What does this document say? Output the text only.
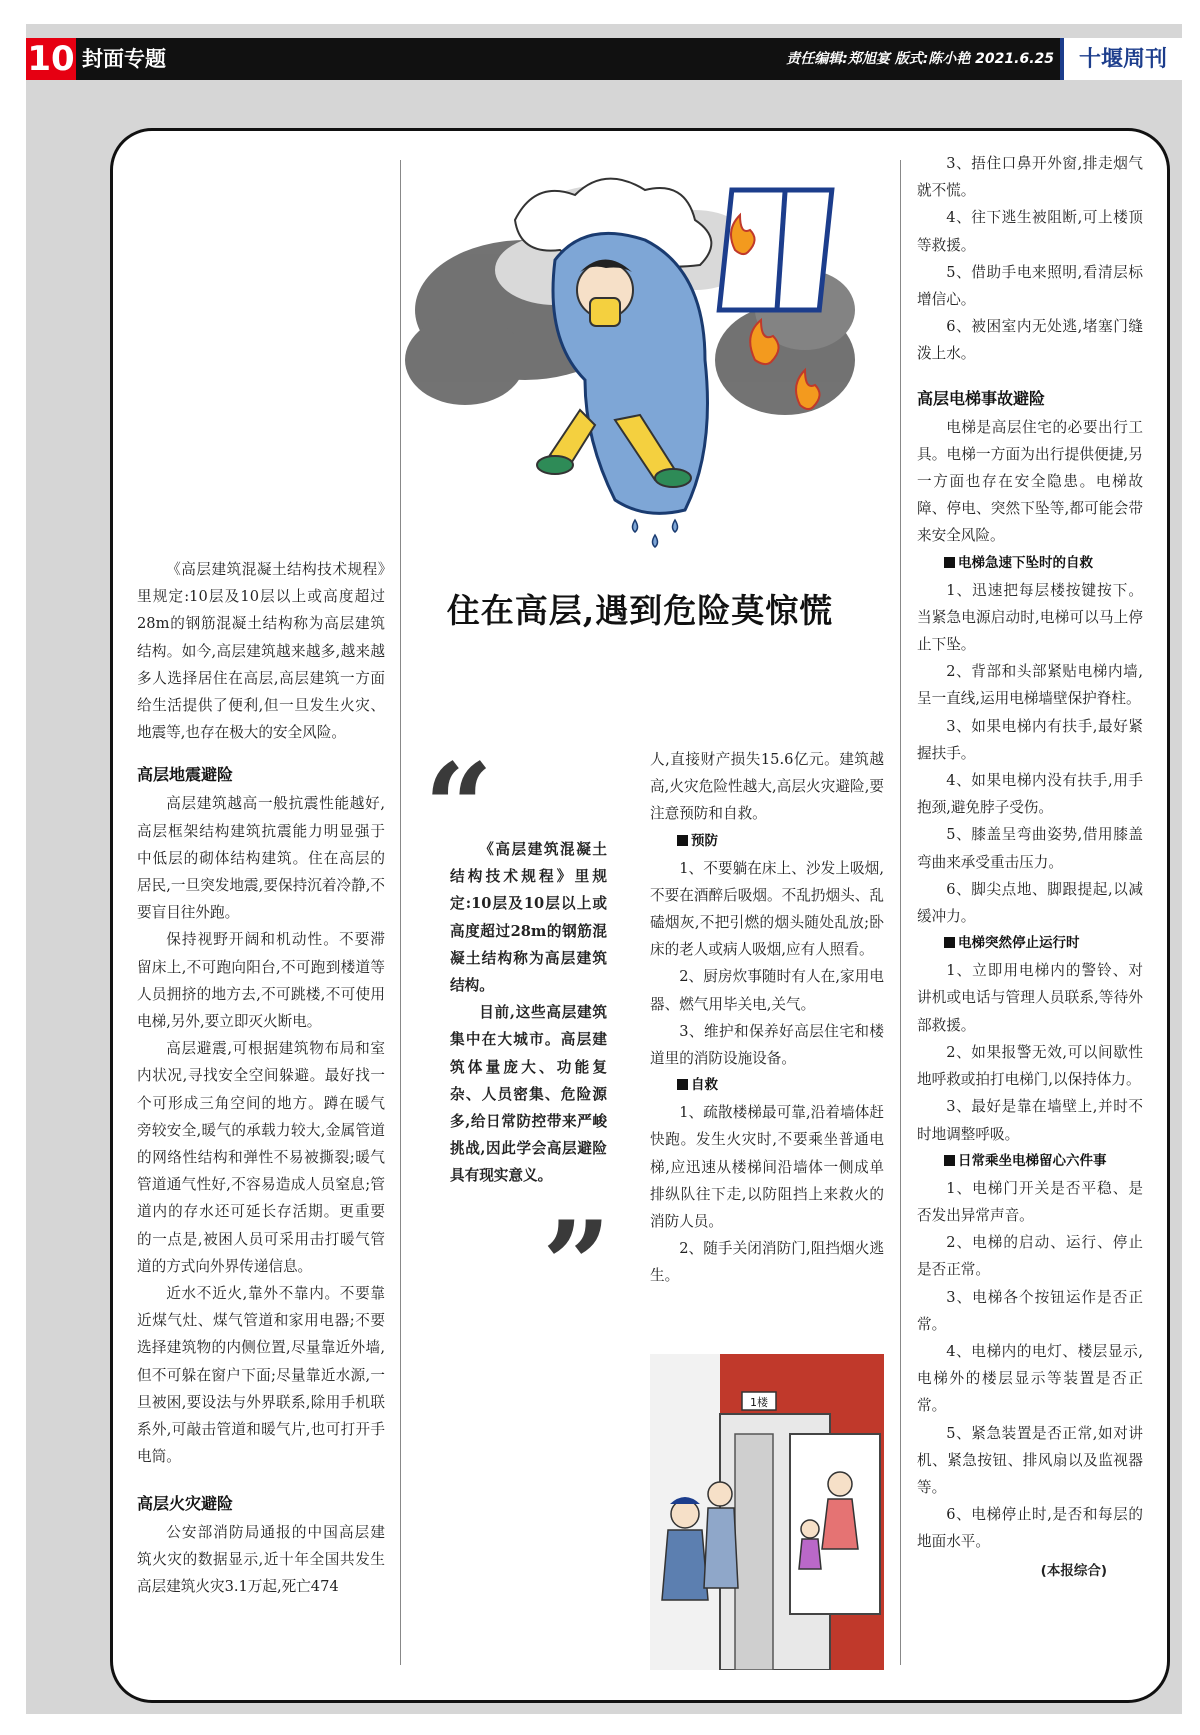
10 封面专题	责任编辑:郑旭宴 版式:陈小艳 2021.6.25	十堰周刊
住在高层,遇到危险莫惊慌

《高层建筑混凝土结构技术规程》里规定:10层及10层以上或高度超过28m的钢筋混凝土结构称为高层建筑结构。如今,高层建筑越来越多,越来越多人选择居住在高层,高层建筑一方面给生活提供了便利,但一旦发生火灾、地震等,也存在极大的安全风险。

高层地震避险

高层建筑越高一般抗震性能越好,高层框架结构建筑抗震能力明显强于中低层的砌体结构建筑。住在高层的居民,一旦突发地震,要保持沉着冷静,不要盲目往外跑。

保持视野开阔和机动性。不要滞留床上,不可跑向阳台,不可跑到楼道等人员拥挤的地方去,不可跳楼,不可使用电梯,另外,要立即灭火断电。

高层避震,可根据建筑物布局和室内状况,寻找安全空间躲避。最好找一个可形成三角空间的地方。蹲在暖气旁较安全,暖气的承载力较大,金属管道的网络性结构和弹性不易被撕裂;暖气管道通气性好,不容易造成人员窒息;管道内的存水还可延长存活期。更重要的一点是,被困人员可采用击打暖气管道的方式向外界传递信息。

近水不近火,靠外不靠内。不要靠近煤气灶、煤气管道和家用电器;不要选择建筑物的内侧位置,尽量靠近外墙,但不可躲在窗户下面;尽量靠近水源,一旦被困,要设法与外界联系,除用手机联系外,可敲击管道和暖气片,也可打开手电筒。

高层火灾避险

公安部消防局通报的中国高层建筑火灾的数据显示,近十年全国共发生高层建筑火灾3.1万起,死亡474

“

《高层建筑混凝土结构技术规程》里规定:10层及10层以上或高度超过28m的钢筋混凝土结构称为高层建筑结构。

目前,这些高层建筑集中在大城市。高层建筑体量庞大、功能复杂、人员密集、危险源多,给日常防控带来严峻挑战,因此学会高层避险具有现实意义。

”

人,直接财产损失15.6亿元。建筑越高,火灾危险性越大,高层火灾避险,要注意预防和自救。

预防

1、不要躺在床上、沙发上吸烟,不要在酒醉后吸烟。不乱扔烟头、乱磕烟灰,不把引燃的烟头随处乱放;卧床的老人或病人吸烟,应有人照看。

2、厨房炊事随时有人在,家用电器、燃气用毕关电,关气。

3、维护和保养好高层住宅和楼道里的消防设施设备。

自救

1、疏散楼梯最可靠,沿着墙体赶快跑。发生火灾时,不要乘坐普通电梯,应迅速从楼梯间沿墙体一侧成单排纵队往下走,以防阻挡上来救火的消防人员。

2、随手关闭消防门,阻挡烟火逃生。

1楼

3、捂住口鼻开外窗,排走烟气就不慌。

4、往下逃生被阻断,可上楼顶等救援。

5、借助手电来照明,看清层标增信心。

6、被困室内无处逃,堵塞门缝泼上水。

高层电梯事故避险

电梯是高层住宅的必要出行工具。电梯一方面为出行提供便捷,另一方面也存在安全隐患。电梯故障、停电、突然下坠等,都可能会带来安全风险。

电梯急速下坠时的自救

1、迅速把每层楼按键按下。当紧急电源启动时,电梯可以马上停止下坠。

2、背部和头部紧贴电梯内墙,呈一直线,运用电梯墙壁保护脊柱。

3、如果电梯内有扶手,最好紧握扶手。

4、如果电梯内没有扶手,用手抱颈,避免脖子受伤。

5、膝盖呈弯曲姿势,借用膝盖弯曲来承受重击压力。

6、脚尖点地、脚跟提起,以减缓冲力。

电梯突然停止运行时

1、立即用电梯内的警铃、对讲机或电话与管理人员联系,等待外部救援。

2、如果报警无效,可以间歇性地呼救或拍打电梯门,以保持体力。

3、最好是靠在墙壁上,并时不时地调整呼吸。

日常乘坐电梯留心六件事

1、电梯门开关是否平稳、是否发出异常声音。

2、电梯的启动、运行、停止是否正常。

3、电梯各个按钮运作是否正常。

4、电梯内的电灯、楼层显示,电梯外的楼层显示等装置是否正常。

5、紧急装置是否正常,如对讲机、紧急按钮、排风扇以及监视器等。

6、电梯停止时,是否和每层的地面水平。

(本报综合)
